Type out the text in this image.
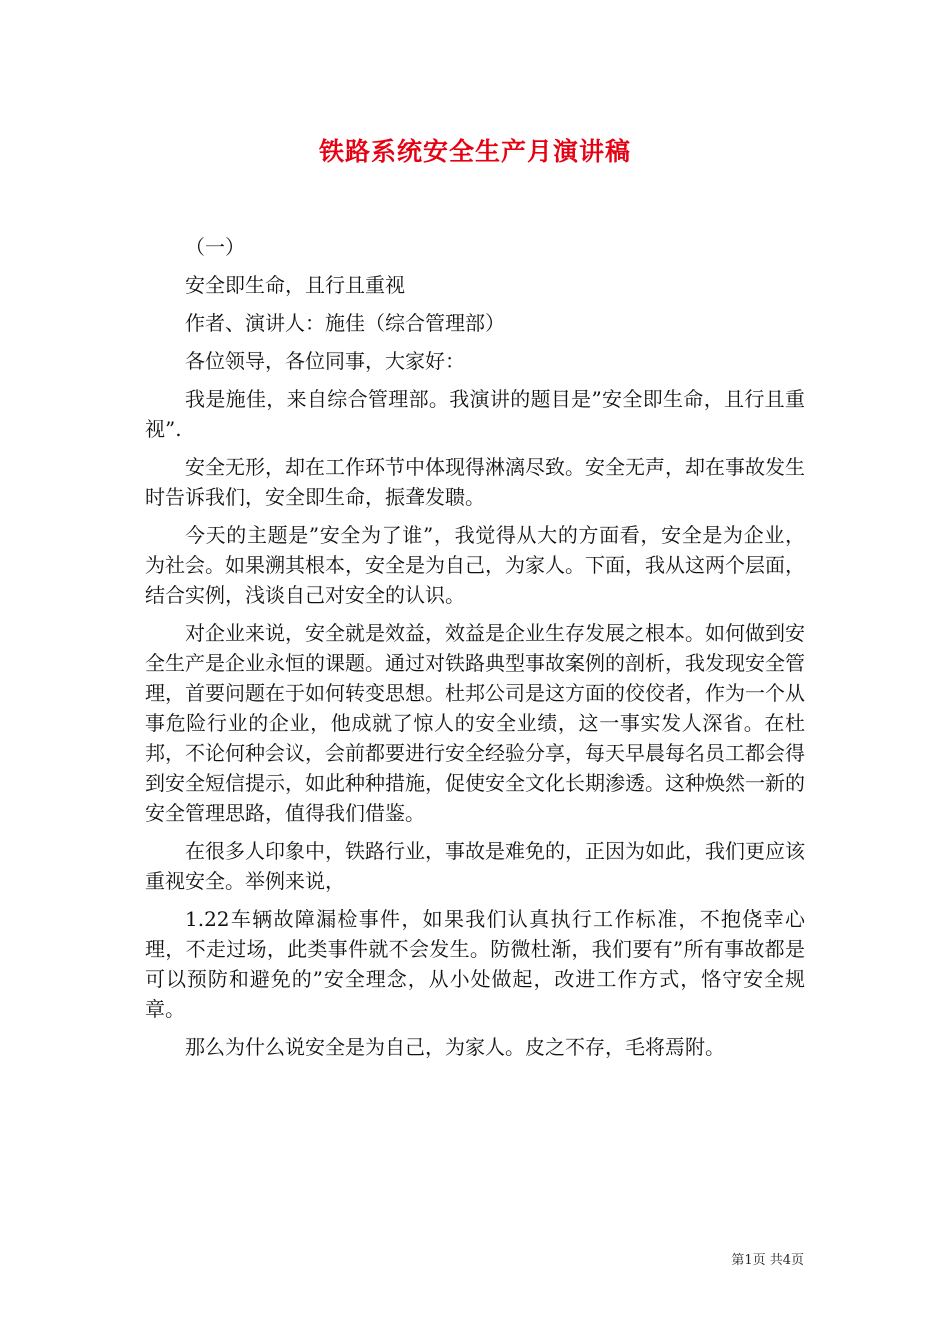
铁路系统安全生产月演讲稿

（一）

安全即生命，且行且重视

作者、演讲人：施佳（综合管理部）

各位领导，各位同事，大家好：

我是施佳，来自综合管理部。我演讲的题目是”安全即生命，且行且重视”.

安全无形，却在工作环节中体现得淋漓尽致。安全无声，却在事故发生时告诉我们，安全即生命，振聋发聩。

今天的主题是”安全为了谁”，我觉得从大的方面看，安全是为企业，为社会。如果溯其根本，安全是为自己，为家人。下面，我从这两个层面，结合实例，浅谈自己对安全的认识。

对企业来说，安全就是效益，效益是企业生存发展之根本。如何做到安全生产是企业永恒的课题。通过对铁路典型事故案例的剖析，我发现安全管理，首要问题在于如何转变思想。杜邦公司是这方面的佼佼者，作为一个从事危险行业的企业，他成就了惊人的安全业绩，这一事实发人深省。在杜邦，不论何种会议，会前都要进行安全经验分享，每天早晨每名员工都会得到安全短信提示，如此种种措施，促使安全文化长期渗透。这种焕然一新的安全管理思路，值得我们借鉴。

在很多人印象中，铁路行业，事故是难免的，正因为如此，我们更应该重视安全。举例来说，

1.22车辆故障漏检事件，如果我们认真执行工作标准，不抱侥幸心理，不走过场，此类事件就不会发生。防微杜渐，我们要有”所有事故都是可以预防和避免的”安全理念，从小处做起，改进工作方式，恪守安全规章。

那么为什么说安全是为自己，为家人。皮之不存，毛将焉附。

第1页 共4页
